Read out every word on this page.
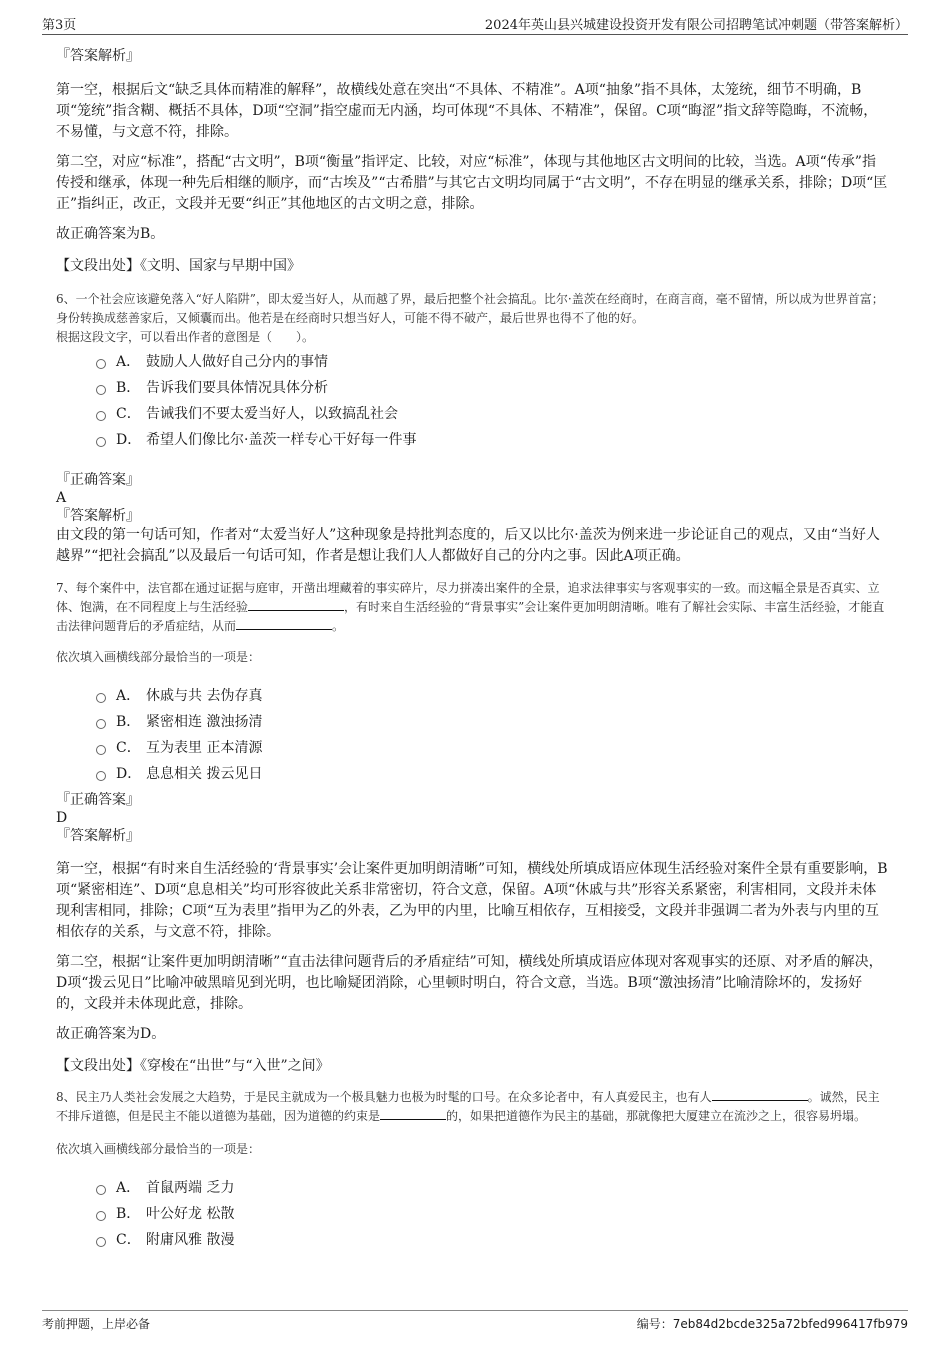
第3页	2024年英山县兴城建设投资开发有限公司招聘笔试冲刺题（带答案解析）

『答案解析』

第一空，根据后文“缺乏具体而精准的解释”，故横线处意在突出“不具体、不精准”。A项“抽象”指不具体，太笼统，细节不明确，B项“笼统”指含糊、概括不具体，D项“空洞”指空虚而无内涵，均可体现“不具体、不精准”，保留。C项“晦涩”指文辞等隐晦，不流畅，不易懂，与文意不符，排除。

第二空，对应“标准”，搭配“古文明”，B项“衡量”指评定、比较，对应“标准”，体现与其他地区古文明间的比较，当选。A项“传承”指传授和继承，体现一种先后相继的顺序，而“古埃及”“古希腊”与其它古文明均同属于“古文明”，不存在明显的继承关系，排除；D项“匡正”指纠正，改正，文段并无要“纠正”其他地区的古文明之意，排除。

故正确答案为B。

【文段出处】《文明、国家与早期中国》

6、一个社会应该避免落入“好人陷阱”，即太爱当好人，从而越了界，最后把整个社会搞乱。比尔·盖茨在经商时，在商言商，毫不留情，所以成为世界首富；身份转换成慈善家后，又倾囊而出。他若是在经商时只想当好人，可能不得不破产，最后世界也得不了他的好。

根据这段文字，可以看出作者的意图是（　　）。

A． 鼓励人人做好自己分内的事情
B． 告诉我们要具体情况具体分析
C． 告诫我们不要太爱当好人，以致搞乱社会
D． 希望人们像比尔·盖茨一样专心干好每一件事

『正确答案』

A

『答案解析』

由文段的第一句话可知，作者对“太爱当好人”这种现象是持批判态度的，后又以比尔·盖茨为例来进一步论证自己的观点，又由“当好人越界”“把社会搞乱”以及最后一句话可知，作者是想让我们人人都做好自己的分内之事。因此A项正确。

7、每个案件中，法官都在通过证据与庭审，开凿出埋藏着的事实碎片，尽力拼凑出案件的全景，追求法律事实与客观事实的一致。而这幅全景是否真实、立体、饱满，在不同程度上与生活经验	，有时来自生活经验的“背景事实”会让案件更加明朗清晰。唯有了解社会实际、丰富生活经验，才能直击法律问题背后的矛盾症结，从而	。

依次填入画横线部分最恰当的一项是：

A． 休戚与共 去伪存真
B． 紧密相连 激浊扬清
C． 互为表里 正本清源
D． 息息相关 拨云见日

『正确答案』

D

『答案解析』

第一空，根据“有时来自生活经验的‘背景事实’会让案件更加明朗清晰”可知，横线处所填成语应体现生活经验对案件全景有重要影响，B项“紧密相连”、D项“息息相关”均可形容彼此关系非常密切，符合文意，保留。A项“休戚与共”形容关系紧密，利害相同，文段并未体现利害相同，排除；C项“互为表里”指甲为乙的外表，乙为甲的内里，比喻互相依存，互相接受，文段并非强调二者为外表与内里的互相依存的关系，与文意不符，排除。

第二空，根据“让案件更加明朗清晰”“直击法律问题背后的矛盾症结”可知，横线处所填成语应体现对客观事实的还原、对矛盾的解决，D项“拨云见日”比喻冲破黑暗见到光明，也比喻疑团消除，心里顿时明白，符合文意，当选。B项“激浊扬清”比喻清除坏的，发扬好的，文段并未体现此意，排除。

故正确答案为D。

【文段出处】《穿梭在“出世”与“入世”之间》

8、民主乃人类社会发展之大趋势，于是民主就成为一个极具魅力也极为时髦的口号。在众多论者中，有人真爱民主，也有人	。诚然，民主不排斥道德，但是民主不能以道德为基础，因为道德的约束是	的，如果把道德作为民主的基础，那就像把大厦建立在流沙之上，很容易坍塌。

依次填入画横线部分最恰当的一项是：

A． 首鼠两端 乏力
B． 叶公好龙 松散
C． 附庸风雅 散漫
考前押题，上岸必备	编号：7eb84d2bcde325a72bfed996417fb979
